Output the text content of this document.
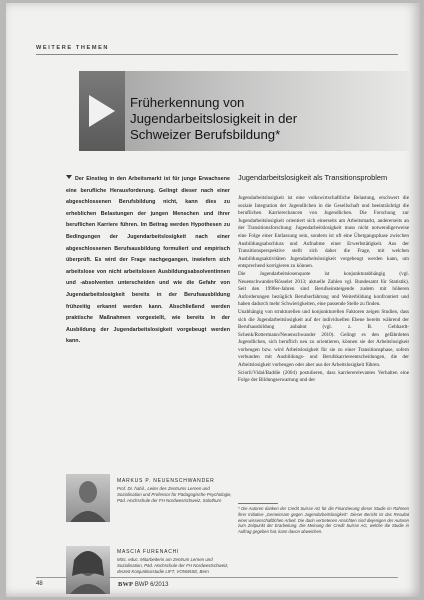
WEITERE THEMEN
Früherkennung von
Jugendarbeitslosigkeit in der
Schweizer Berufsbildung*
Der Einstieg in den Arbeitsmarkt ist für junge Erwachsene eine berufliche Herausforderung. Gelingt dieser nach einer abgeschlossenen Berufsbildung nicht, kann dies zu erheblichen Belastungen der jungen Menschen und ihrer beruflichen Karriere führen. Im Beitrag werden Hypothesen zu Bedingungen der Jugendarbeitslosigkeit nach einer abgeschlossenen Berufsausbildung formuliert und empirisch überprüft. Es wird der Frage nachgegangen, inwiefern sich arbeitslose von nicht arbeitslosen Ausbildungsabsolventinnen und -absolventen unterscheiden und wie die Gefahr von Jugendarbeitslosigkeit bereits in der Berufsausbildung frühzeitig erkannt werden kann. Abschließend werden praktische Maßnahmen vorgestellt, wie bereits in der Ausbildung der Jugendarbeitslosigkeit vorgebeugt werden kann.
Jugendarbeitslosigkeit als Transitionsproblem

Jugendarbeitslosigkeit ist eine volkswirtschaftliche Belastung, erschwert die soziale Integration der Jugendlichen in die Gesellschaft und beeinträchtigt die beruflichen Karrierechancen von Jugendlichen. Die Forschung zur Jugendarbeitslosigkeit orientiert sich einerseits am Arbeitsmarkt, andererseits an der Transitionsforschung: Jugendarbeitslosigkeit muss nicht notwendigerweise eine Folge einer Entlassung sein, sondern ist oft eine Übergangsphase zwischen Ausbildungsabschluss und Aufnahme einer Erwerbstätigkeit. Aus der Transitionsperspektive stellt sich daher die Frage, mit welchen Ausbildungsaktivitäten Jugendarbeitslosigkeit vorgebeugt werden kann, um entsprechend korrigieren zu können.

Die Jugendarbeitslosenquote ist konjunkturabhängig (vgl. Neuenschwander/Rösselet 2013; aktuelle Zahlen vgl. Bundesamt für Statistik). Seit den 1990er-Jahren sind Berufseinsteigende zudem mit höheren Anforderungen bezüglich Berufserfahrung und Weiterbildung konfrontiert und haben dadurch mehr Schwierigkeiten, eine passende Stelle zu finden.

Unabhängig von strukturellen und konjunkturellen Faktoren zeigen Studien, dass sich die Jugendarbeitslosigkeit auf der individuellen Ebene bereits während der Berufsausbildung anbahnt (vgl. z. B. Gebhardt-Schenk/Rottermann/Neuenschwander 2010). Gelingt es den gefährdeten Jugendlichen, sich beruflich neu zu orientieren, können sie der Arbeitslosigkeit vorbeugen bzw. wird Arbeitslosigkeit für sie zu einer Transitionsphase, sofern verbunden mit Ausbildungs- und Berufskarriereentscheidungen, die der Arbeitslosigkeit vorbeugen oder aber aus der Arbeitslosigkeit führen.

Sciorli/Vidal/Baddie (2004) postulieren, dass karriererelevantes Verhalten eine Folge der Bildungserwartung und der

MARKUS P. NEUENSCHWANDER
Prof. Dr. habil., Leiter des Zentrums Lernen und Sozialisation und Professor für Pädagogische Psychologie, Päd. Hochschule der FH Nordwestschweiz, Solothurn
MASCIA FURENACHI
MSc. educ. Mitarbeiterin am Zentrum Lernen und Sozialisation, Päd. Hochschule der FH Nordwestschweiz, derzeit Konjunkturstudie LIFT, VONWISE, Bern
* Die Autoren danken der Credit Suisse AG für die Finanzierung dieser Studie im Rahmen ihrer Initiative „Gemeinsam gegen Jugendarbeitslosigkeit“. Dieser Bericht ist das Resultat einer wissenschaftlichen Arbeit. Die darin vertretenen Ansichten sind diejenigen der Autoren zum Zeitpunkt der Erarbeitung. Die Meinung der Credit Suisse AG, welche die Studie in Auftrag gegeben hat, kann davon abweichen.
48	BWP BWP 6/2013
